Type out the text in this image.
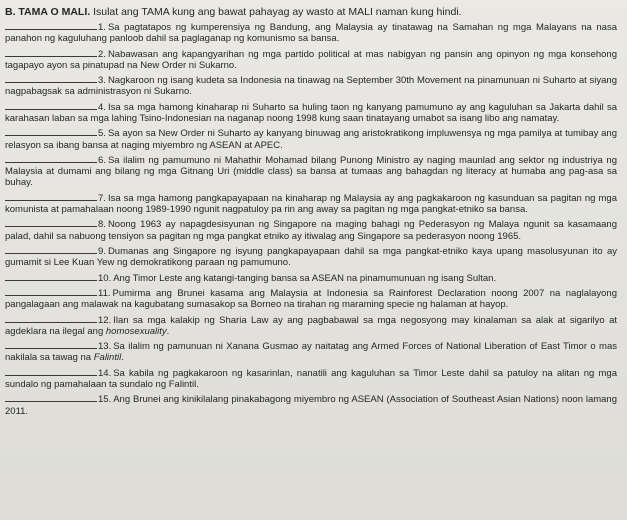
B. TAMA O MALI. Isulat ang TAMA kung ang bawat pahayag ay wasto at MALI naman kung hindi.

1. Sa pagtatapos ng kumperensiya ng Bandung, ang Malaysia ay tinatawag na Samahan ng mga Malayans na nasa panahon ng kaguluhang panloob dahil sa paglaganap ng komunismo sa bansa.

2. Nabawasan ang kapangyarihan ng mga partido political at mas nabigyan ng pansin ang opinyon ng mga konsehong tagapayo ayon sa pinatupad na New Order ni Sukarno.

3. Nagkaroon ng isang kudeta sa Indonesia na tinawag na September 30th Movement na pinamunuan ni Suharto at siyang nagpabagsak sa administrasyon ni Sukarno.

4. Isa sa mga hamong kinaharap ni Suharto sa huling taon ng kanyang pamumuno ay ang kaguluhan sa Jakarta dahil sa karahasan laban sa mga lahing Tsino-Indonesian na naganap noong 1998 kung saan tinatayang umabot sa isang libo ang namatay.

5. Sa ayon sa New Order ni Suharto ay kanyang binuwag ang aristokratikong impluwensya ng mga pamilya at tumibay ang relasyon sa ibang bansa at naging miyembro ng ASEAN at APEC.

6. Sa ilalim ng pamumuno ni Mahathir Mohamad bilang Punong Ministro ay naging maunlad ang sektor ng industriya ng Malaysia at dumami ang bilang ng mga Gitnang Uri (middle class) sa bansa at tumaas ang bahagdan ng literacy at humaba ang pag-asa sa buhay.

7. Isa sa mga hamong pangkapayapaan na kinaharap ng Malaysia ay ang pagkakaroon ng kasunduan sa pagitan ng mga komunista at pamahalaan noong 1989-1990 ngunit nagpatuloy pa rin ang away sa pagitan ng mga pangkat-etniko sa bansa.

8. Noong 1963 ay napagdesisyunan ng Singapore na maging bahagi ng Pederasyon ng Malaya ngunit sa kasamaang palad, dahil sa nabuong tensiyon sa pagitan ng mga pangkat etniko ay itiwalag ang Singapore sa pederasyon noong 1965.

9. Dumanas ang Singapore ng isyung pangkapayapaan dahil sa mga pangkat-etniko kaya upang masolusyunan ito ay gumamit si Lee Kuan Yew ng demokratikong paraan ng pamumuno.

10. Ang Timor Leste ang katangi-tanging bansa sa ASEAN na pinamumunuan ng isang Sultan.

11. Pumirma ang Brunei kasama ang Malaysia at Indonesia sa Rainforest Declaration noong 2007 na naglalayong pangalagaan ang malawak na kagubatang sumasakop sa Borneo na tirahan ng maraming specie ng halaman at hayop.

12. Ilan sa mga kalakip ng Sharia Law ay ang pagbabawal sa mga negosyong may kinalaman sa alak at sigarilyo at agdeklara na ilegal ang homosexuality.

13. Sa ilalim ng pamunuan ni Xanana Gusmao ay naitatag ang Armed Forces of National Liberation of East Timor o mas nakilala sa tawag na Falintil.

14. Sa kabila ng pagkakaroon ng kasarinlan, nanatili ang kaguluhan sa Timor Leste dahil sa patuloy na alitan ng mga sundalo ng pamahalaan ta sundalo ng Falintil.

15. Ang Brunei ang kinikilalang pinakabagong miyembro ng ASEAN (Association of Southeast Asian Nations) noon lamang 2011.
